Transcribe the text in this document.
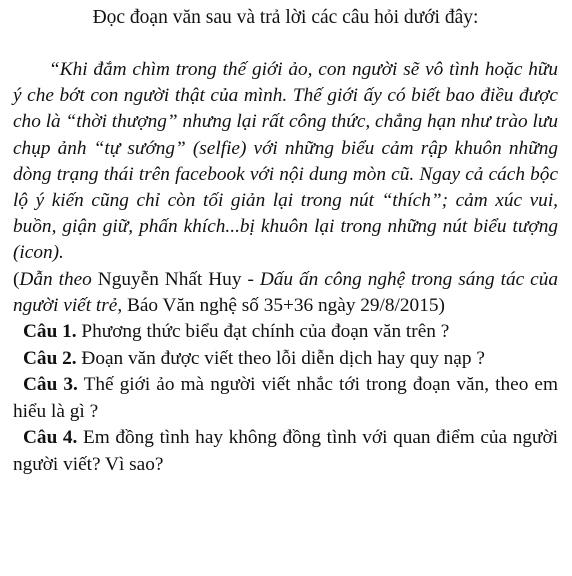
Đọc đoạn văn sau và trả lời các câu hỏi dưới đây:

“Khi đắm chìm trong thế giới ảo, con người sẽ vô tình hoặc hữu ý che bớt con người thật của mình. Thế giới ấy có biết bao điều được cho là “thời thượng” nhưng lại rất công thức, chẳng hạn như trào lưu chụp ảnh “tự sướng” (selfie) với những biểu cảm rập khuôn những dòng trạng thái trên facebook với nội dung mòn cũ. Ngay cả cách bộc lộ ý kiến cũng chỉ còn tối giản lại trong nút “thích”; cảm xúc vui, buồn, giận giữ, phấn khích...bị khuôn lại trong những nút biểu tượng (icon).

(Dẫn theo Nguyễn Nhất Huy - Dấu ấn công nghệ trong sáng tác của người viết trẻ, Báo Văn nghệ số 35+36 ngày 29/8/2015)

Câu 1. Phương thức biểu đạt chính của đoạn văn trên ?

Câu 2. Đoạn văn được viết theo lỗi diễn dịch hay quy nạp ?

Câu 3. Thế giới ảo mà người viết nhắc tới trong đoạn văn, theo em hiểu là gì ?

Câu 4. Em đồng tình hay không đồng tình với quan điểm của người người viết? Vì sao?
